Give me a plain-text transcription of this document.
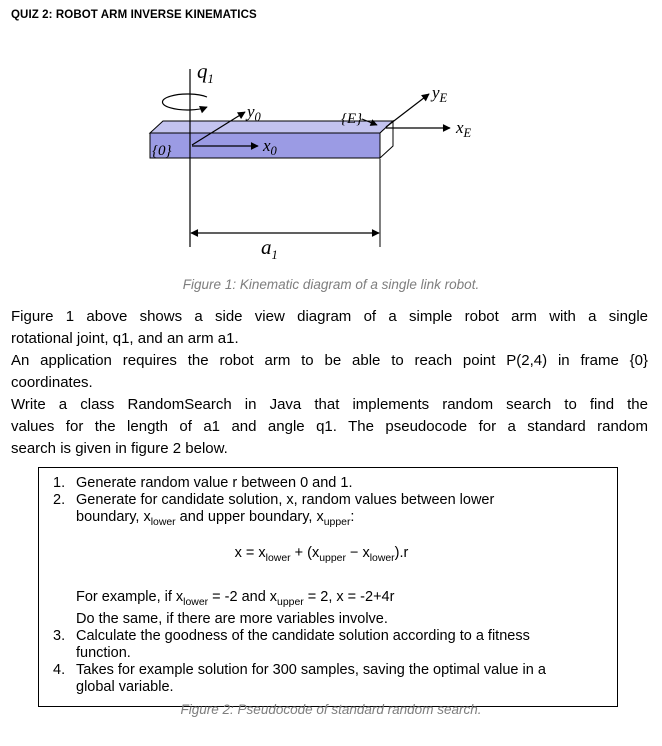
QUIZ 2: ROBOT ARM INVERSE KINEMATICS
$q_1$
$y_0$
$x_0$
{0}
{E}
$y_E$
$x_E$
$a_1$
Figure 1: Kinematic diagram of a single link robot.
Figure 1 above shows a side view diagram of a simple robot arm with a single
rotational joint, q1, and an arm a1.
An application requires the robot arm to be able to reach point P(2,4) in frame {0}
coordinates.
Write a class RandomSearch in Java that implements random search to find the
values for the length of a1 and angle q1. The pseudocode for a standard random
search is given in figure 2 below.
1. Generate random value r between 0 and 1.
2. Generate for candidate solution, x, random values between lower
boundary, $x_{lower}$ and upper boundary, $x_{upper}$:
$x = x_{lower} + (x_{upper} - x_{lower}).r$
For example, if $x_{lower} = -2$ and $x_{upper} = 2$, x = -2+4r
Do the same, if there are more variables involve.
3. Calculate the goodness of the candidate solution according to a fitness
function.
4. Takes for example solution for 300 samples, saving the optimal value in a
global variable.
Figure 2: Pseudocode of standard random search.
